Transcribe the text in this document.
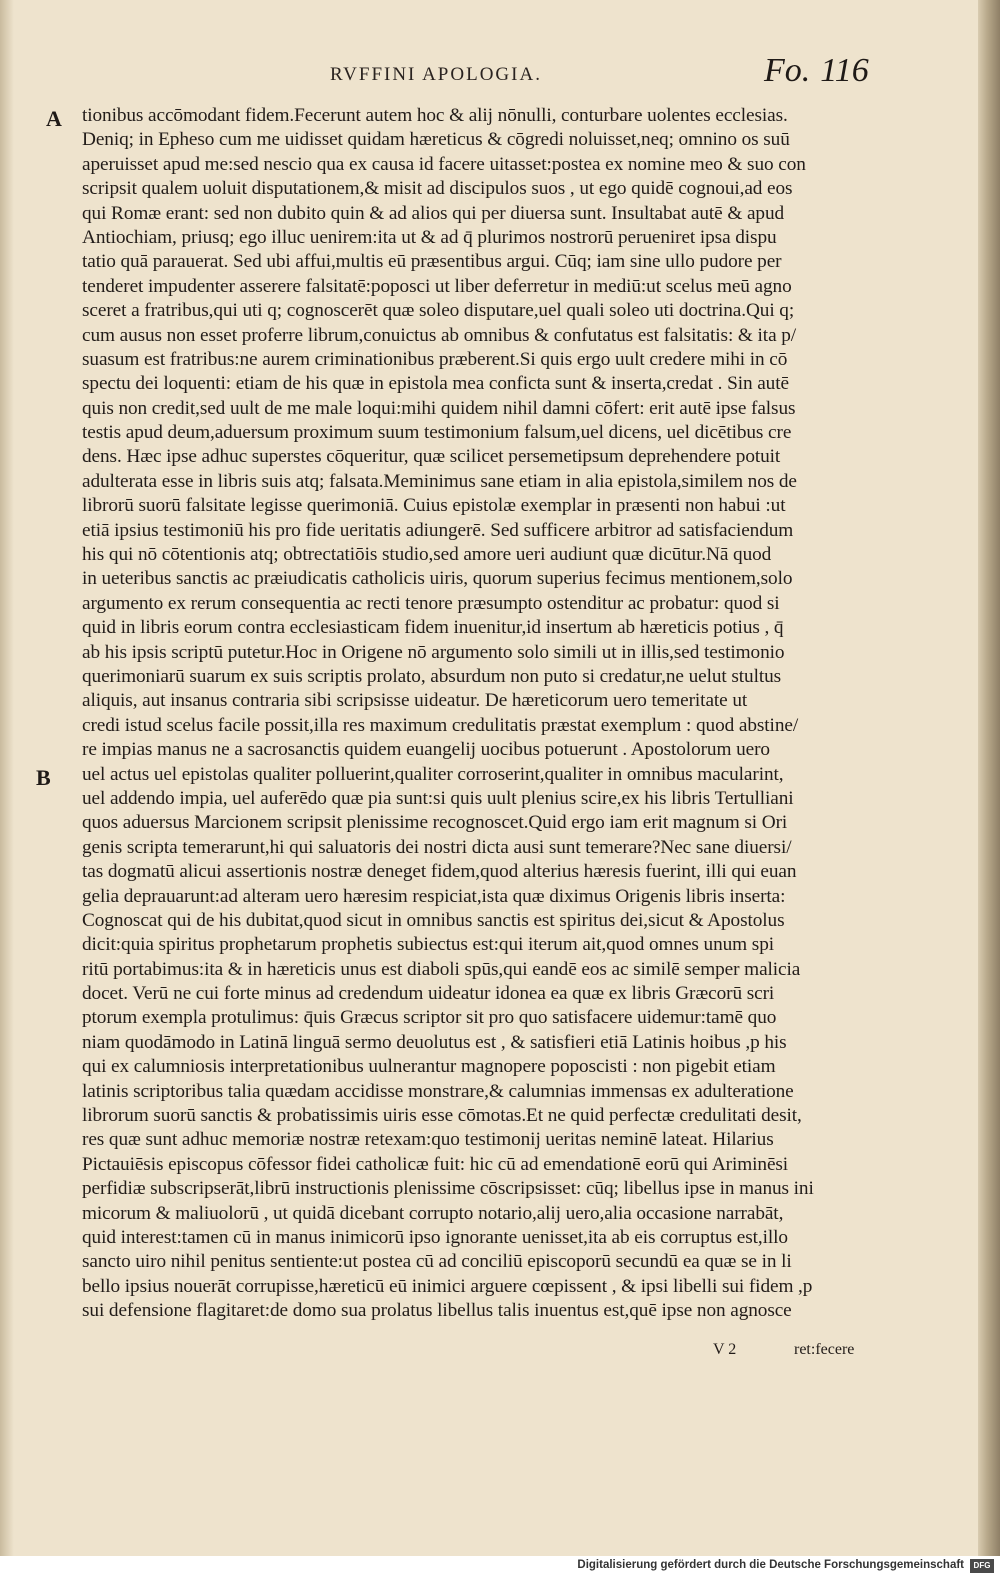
RVFFINI APOLOGIA.	Fo. 116
A
B
tionibus accōmodant fidem.Fecerunt autem hoc & alij nōnulli, conturbare uolentes ecclesias.
Deniq; in Epheso cum me uidisset quidam hæreticus & cōgredi noluisset,neq; omnino os suū
aperuisset apud me:sed nescio qua ex causa id facere uitasset:postea ex nomine meo & suo con
scripsit qualem uoluit disputationem,& misit ad discipulos suos , ut ego quidē cognoui,ad eos
qui Romæ erant: sed non dubito quin & ad alios qui per diuersa sunt. Insultabat autē & apud
Antiochiam, priusq; ego illuc uenirem:ita ut & ad q̄ plurimos nostrorū perueniret ipsa dispu
tatio quā parauerat. Sed ubi affui,multis eū præsentibus argui. Cūq; iam sine ullo pudore per
tenderet impudenter asserere falsitatē:poposci ut liber deferretur in mediū:ut scelus meū agno
sceret a fratribus,qui uti q; cognoscerēt quæ soleo disputare,uel quali soleo uti doctrina.Qui q;
cum ausus non esset proferre librum,conuictus ab omnibus & confutatus est falsitatis: & ita p/
suasum est fratribus:ne aurem criminationibus præberent.Si quis ergo uult credere mihi in cō
spectu dei loquenti: etiam de his quæ in epistola mea conficta sunt & inserta,credat . Sin autē
quis non credit,sed uult de me male loqui:mihi quidem nihil damni cōfert: erit autē ipse falsus
testis apud deum,aduersum proximum suum testimonium falsum,uel dicens, uel dicētibus cre
dens. Hæc ipse adhuc superstes cōqueritur, quæ scilicet persemetipsum deprehendere potuit
adulterata esse in libris suis atq; falsata.Meminimus sane etiam in alia epistola,similem nos de
librorū suorū falsitate legisse querimoniā. Cuius epistolæ exemplar in præsenti non habui :ut
etiā ipsius testimoniū his pro fide ueritatis adiungerē. Sed sufficere arbitror ad satisfaciendum
his qui nō cōtentionis atq; obtrectatiōis studio,sed amore ueri audiunt quæ dicūtur.Nā quod
in ueteribus sanctis ac præiudicatis catholicis uiris, quorum superius fecimus mentionem,solo
argumento ex rerum consequentia ac recti tenore præsumpto ostenditur ac probatur: quod si
quid in libris eorum contra ecclesiasticam fidem inuenitur,id insertum ab hæreticis potius , q̄
ab his ipsis scriptū putetur.Hoc in Origene nō argumento solo simili ut in illis,sed testimonio
querimoniarū suarum ex suis scriptis prolato, absurdum non puto si credatur,ne uelut stultus
aliquis, aut insanus contraria sibi scripsisse uideatur. De hæreticorum uero temeritate ut
credi istud scelus facile possit,illa res maximum credulitatis præstat exemplum : quod abstine/
re impias manus ne a sacrosanctis quidem euangelij uocibus potuerunt . Apostolorum uero
uel actus uel epistolas qualiter polluerint,qualiter corroserint,qualiter in omnibus macularint,
uel addendo impia, uel auferēdo quæ pia sunt:si quis uult plenius scire,ex his libris Tertulliani
quos aduersus Marcionem scripsit plenissime recognoscet.Quid ergo iam erit magnum si Ori
genis scripta temerarunt,hi qui saluatoris dei nostri dicta ausi sunt temerare?Nec sane diuersi/
tas dogmatū alicui assertionis nostræ deneget fidem,quod alterius hæresis fuerint, illi qui euan
gelia deprauarunt:ad alteram uero hæresim respiciat,ista quæ diximus Origenis libris inserta:
Cognoscat qui de his dubitat,quod sicut in omnibus sanctis est spiritus dei,sicut & Apostolus
dicit:quia spiritus prophetarum prophetis subiectus est:qui iterum ait,quod omnes unum spi
ritū portabimus:ita & in hæreticis unus est diaboli spūs,qui eandē eos ac similē semper malicia
docet. Verū ne cui forte minus ad credendum uideatur idonea ea quæ ex libris Græcorū scri
ptorum exempla protulimus: q̄uis Græcus scriptor sit pro quo satisfacere uidemur:tamē quo
niam quodāmodo in Latinā linguā sermo deuolutus est , & satisfieri etiā Latinis hoibus ,p his
qui ex calumniosis interpretationibus uulnerantur magnopere poposcisti : non pigebit etiam
latinis scriptoribus talia quædam accidisse monstrare,& calumnias immensas ex adulteratione
librorum suorū sanctis & probatissimis uiris esse cōmotas.Et ne quid perfectæ credulitati desit,
res quæ sunt adhuc memoriæ nostræ retexam:quo testimonij ueritas neminē lateat. Hilarius
Pictauiēsis episcopus cōfessor fidei catholicæ fuit: hic cū ad emendationē eorū qui Ariminēsi
perfidiæ subscripserāt,librū instructionis plenissime cōscripsisset: cūq; libellus ipse in manus ini
micorum & maliuolorū , ut quidā dicebant corrupto notario,alij uero,alia occasione narrabāt,
quid interest:tamen cū in manus inimicorū ipso ignorante uenisset,ita ab eis corruptus est,illo
sancto uiro nihil penitus sentiente:ut postea cū ad conciliū episcoporū secundū ea quæ se in li
bello ipsius nouerāt corrupisse,hæreticū eū inimici arguere cœpissent , & ipsi libelli sui fidem ,p
sui defensione flagitaret:de domo sua prolatus libellus talis inuentus est,quē ipse non agnosce
V 2	ret:fecere
Digitalisierung gefördert durch die Deutsche Forschungsgemeinschaft	DFG
